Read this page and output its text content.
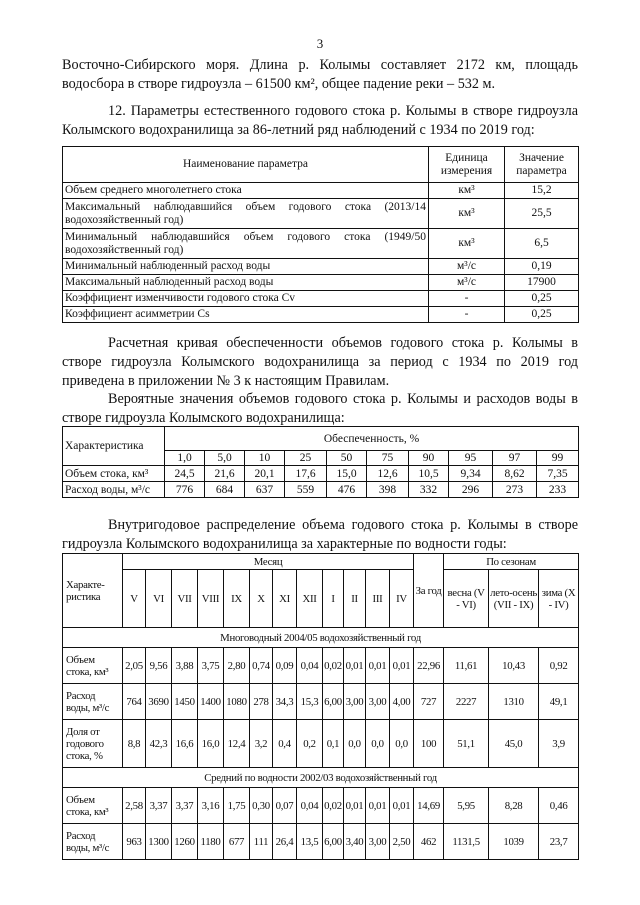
3

Восточно-Сибирского моря. Длина р. Колымы составляет 2172 км, площадь водосбора в створе гидроузла – 61500 км², общее падение реки – 532 м.

12. Параметры естественного годового стока р. Колымы в створе гидроузла Колымского водохранилища за 86-летний ряд наблюдений с 1934 по 2019 год:

Наименование параметра	Единица измерения	Значение параметра
Объем среднего многолетнего стока	км³	15,2
Максимальный наблюдавшийся объем годового стока (2013/14 водохозяйственный год)	км³	25,5
Минимальный наблюдавшийся объем годового стока (1949/50 водохозяйственный год)	км³	6,5
Минимальный наблюденный расход воды	м³/с	0,19
Максимальный наблюденный расход воды	м³/с	17900
Коэффициент изменчивости годового стока Cv	-	0,25
Коэффициент асимметрии Cs	-	0,25

Расчетная кривая обеспеченности объемов годового стока р. Колымы в створе гидроузла Колымского водохранилища за период с 1934 по 2019 год приведена в приложении № 3 к настоящим Правилам.

Вероятные значения объемов годового стока р. Колымы и расходов воды в створе гидроузла Колымского водохранилища:

Характеристика	Обеспеченность, %									
	1,0	5,0	10	25	50	75	90	95	97	99
Объем стока, км³	24,5	21,6	20,1	17,6	15,0	12,6	10,5	9,34	8,62	7,35
Расход воды, м³/с	776	684	637	559	476	398	332	296	273	233

Внутригодовое распределение объема годового стока р. Колымы в створе гидроузла Колымского водохранилища за характерные по водности годы:

Характе-ристика	Месяц												За год	По сезонам		
	V	VI	VII	VIII	IX	X	XI	XII	I	II	III	IV		весна (V - VI)	лето-осень (VII - IX)	зима (X - IV)
Многоводный 2004/05 водохозяйственный год																
Объем стока, км³	2,05	9,56	3,88	3,75	2,80	0,74	0,09	0,04	0,02	0,01	0,01	0,01	22,96	11,61	10,43	0,92
Расход воды, м³/с	764	3690	1450	1400	1080	278	34,3	15,3	6,00	3,00	3,00	4,00	727	2227	1310	49,1
Доля от годового стока, %	8,8	42,3	16,6	16,0	12,4	3,2	0,4	0,2	0,1	0,0	0,0	0,0	100	51,1	45,0	3,9
Средний по водности 2002/03 водохозяйственный год																
Объем стока, км³	2,58	3,37	3,37	3,16	1,75	0,30	0,07	0,04	0,02	0,01	0,01	0,01	14,69	5,95	8,28	0,46
Расход воды, м³/с	963	1300	1260	1180	677	111	26,4	13,5	6,00	3,40	3,00	2,50	462	1131,5	1039	23,7
